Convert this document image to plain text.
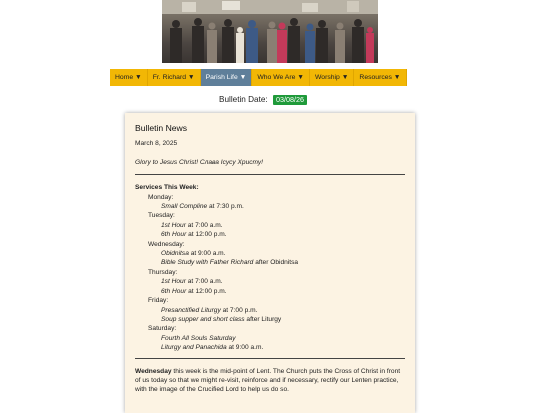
Home ▼	Fr. Richard ▼	Parish Life ▼	Who We Are ▼	Worship ▼	Resources ▼
Bulletin Date: 03/08/26
Bulletin News
March 8, 2025
Glory to Jesus Christ! Слава Ісусу Христу!
Services This Week:
Monday:
Small Compline at 7:30 p.m.
Tuesday:
1st Hour at 7:00 a.m.
6th Hour at 12:00 p.m.
Wednesday:
Obidnitsa at 9:00 a.m.
Bible Study with Father Richard after Obidnitsa
Thursday:
1st Hour at 7:00 a.m.
6th Hour at 12:00 p.m.
Friday:
Presanctified Liturgy at 7:00 p.m.
Soup supper and short class after Liturgy
Saturday:
Fourth All Souls Saturday
Liturgy and Panachida at 9:00 a.m.
Wednesday this week is the mid-point of Lent. The Church puts the Cross of Christ in front of us today so that we might re-visit, reinforce and if necessary, rectify our Lenten practice, with the image of the Crucified Lord to help us do so.
